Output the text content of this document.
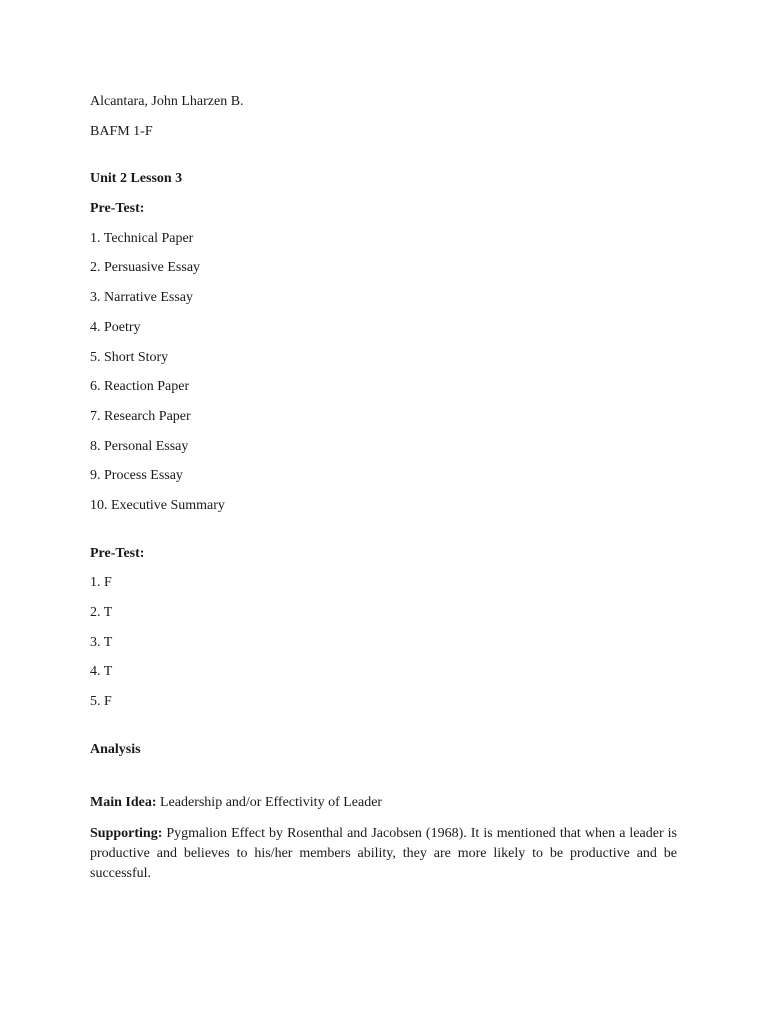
Alcantara, John Lharzen B.

BAFM 1-F

Unit 2 Lesson 3

Pre-Test:

1. Technical Paper
2. Persuasive Essay
3. Narrative Essay
4. Poetry
5. Short Story
6. Reaction Paper
7. Research Paper
8. Personal Essay
9. Process Essay
10. Executive Summary

Pre-Test:

1. F
2. T
3. T
4. T
5. F

Analysis

Main Idea: Leadership and/or Effectivity of Leader

Supporting: Pygmalion Effect by Rosenthal and Jacobsen (1968). It is mentioned that when a leader is productive and believes to his/her members ability, they are more likely to be productive and be successful.
